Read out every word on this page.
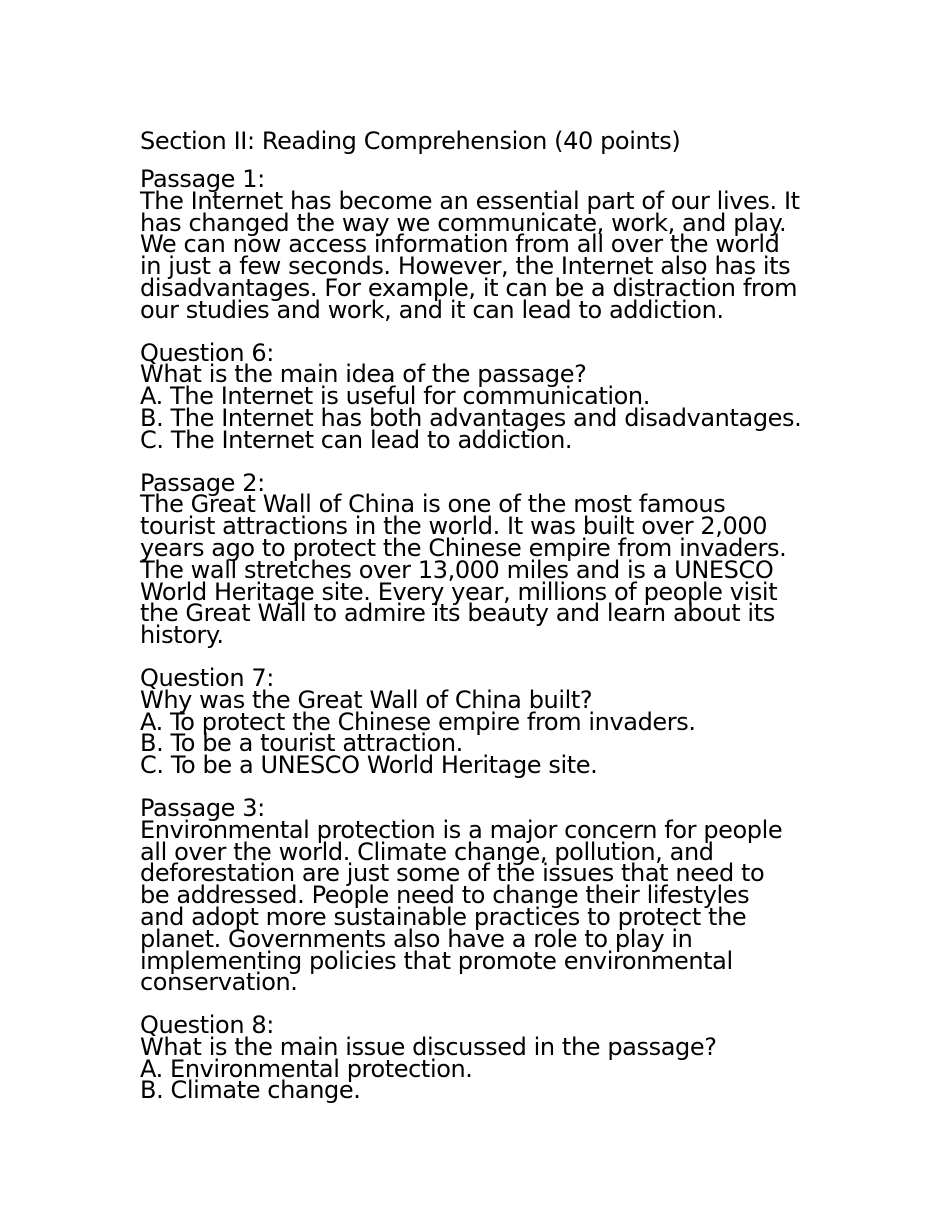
Section II: Reading Comprehension (40 points)
Passage 1:
The Internet has become an essential part of our lives. It
has changed the way we communicate, work, and play.
We can now access information from all over the world
in just a few seconds. However, the Internet also has its
disadvantages. For example, it can be a distraction from
our studies and work, and it can lead to addiction.
Question 6:
What is the main idea of the passage?
A. The Internet is useful for communication.
B. The Internet has both advantages and disadvantages.
C. The Internet can lead to addiction.
Passage 2:
The Great Wall of China is one of the most famous
tourist attractions in the world. It was built over 2,000
years ago to protect the Chinese empire from invaders.
The wall stretches over 13,000 miles and is a UNESCO
World Heritage site. Every year, millions of people visit
the Great Wall to admire its beauty and learn about its
history.
Question 7:
Why was the Great Wall of China built?
A. To protect the Chinese empire from invaders.
B. To be a tourist attraction.
C. To be a UNESCO World Heritage site.
Passage 3:
Environmental protection is a major concern for people
all over the world. Climate change, pollution, and
deforestation are just some of the issues that need to
be addressed. People need to change their lifestyles
and adopt more sustainable practices to protect the
planet. Governments also have a role to play in
implementing policies that promote environmental
conservation.
Question 8:
What is the main issue discussed in the passage?
A. Environmental protection.
B. Climate change.
